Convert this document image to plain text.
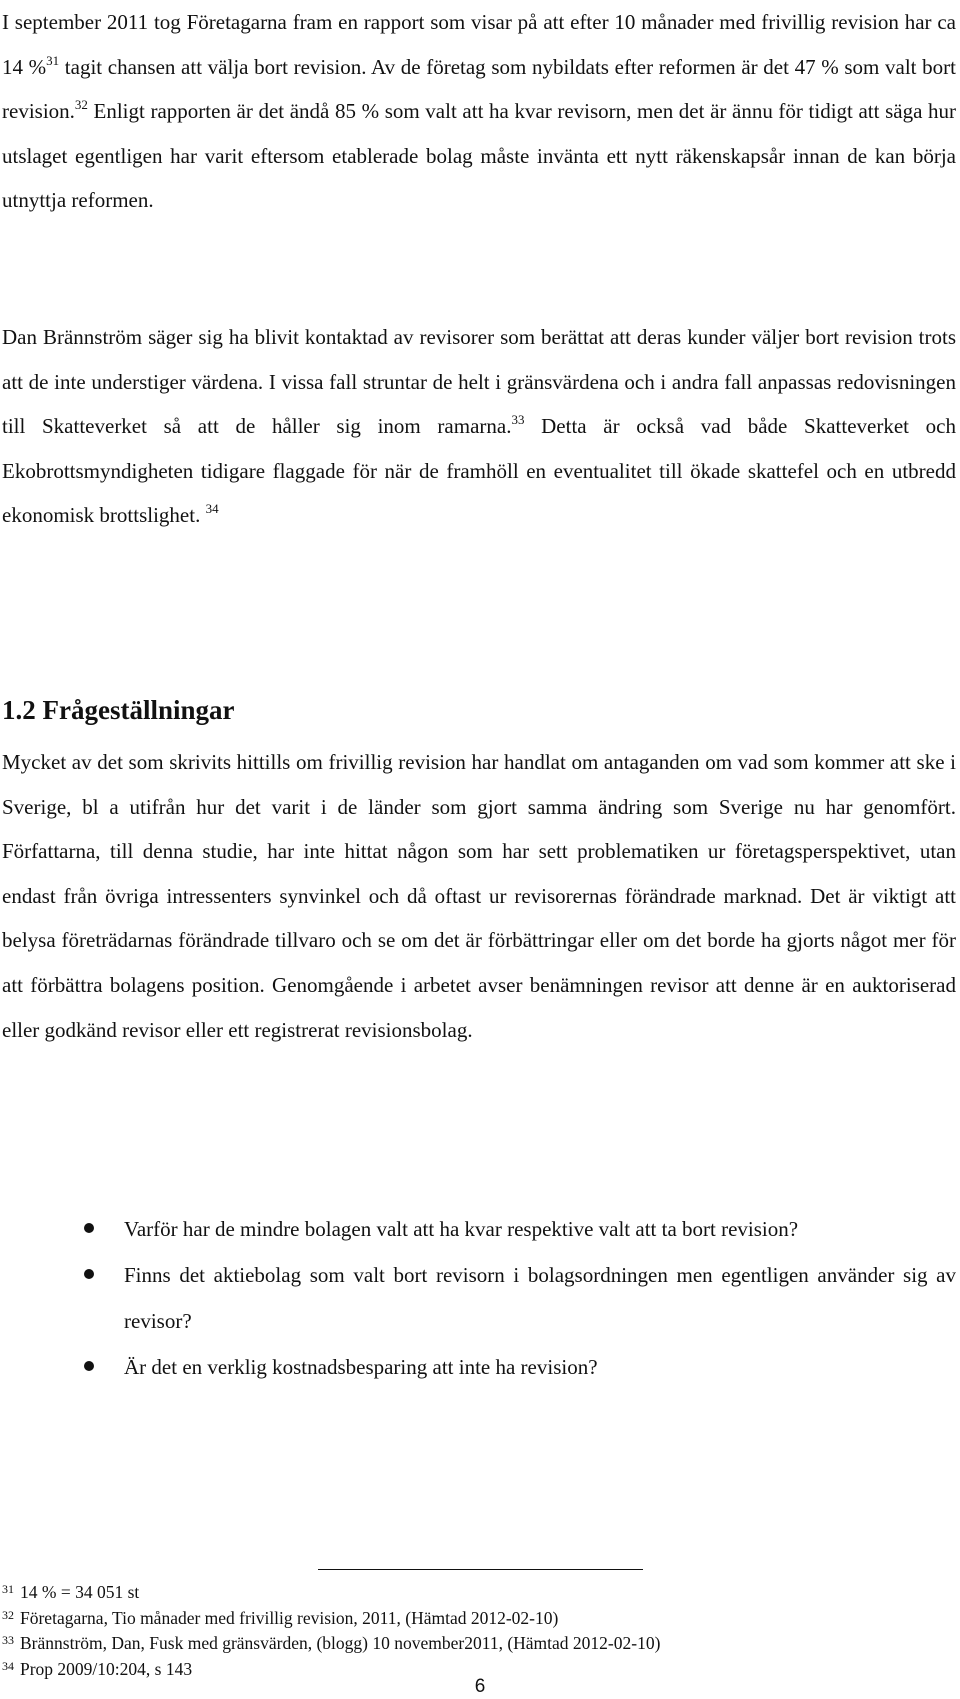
I september 2011 tog Företagarna fram en rapport som visar på att efter 10 månader med frivillig revision har ca 14 %$^{31}$ tagit chansen att välja bort revision. Av de företag som nybildats efter reformen är det 47 % som valt bort revision.$^{32}$ Enligt rapporten är det ändå 85 % som valt att ha kvar revisorn, men det är ännu för tidigt att säga hur utslaget egentligen har varit eftersom etablerade bolag måste invänta ett nytt räkenskapsår innan de kan börja utnyttja reformen.

Dan Brännström säger sig ha blivit kontaktad av revisorer som berättat att deras kunder väljer bort revision trots att de inte understiger värdena. I vissa fall struntar de helt i gränsvärdena och i andra fall anpassas redovisningen till Skatteverket så att de håller sig inom ramarna.$^{33}$ Detta är också vad både Skatteverket och Ekobrottsmyndigheten tidigare flaggade för när de framhöll en eventualitet till ökade skattefel och en utbredd ekonomisk brottslighet. $^{34}$

1.2 Frågeställningar

Mycket av det som skrivits hittills om frivillig revision har handlat om antaganden om vad som kommer att ske i Sverige, bl a utifrån hur det varit i de länder som gjort samma ändring som Sverige nu har genomfört. Författarna, till denna studie, har inte hittat någon som har sett problematiken ur företagsperspektivet, utan endast från övriga intressenters synvinkel och då oftast ur revisorernas förändrade marknad. Det är viktigt att belysa företrädarnas förändrade tillvaro och se om det är förbättringar eller om det borde ha gjorts något mer för att förbättra bolagens position. Genomgående i arbetet avser benämningen revisor att denne är en auktoriserad eller godkänd revisor eller ett registrerat revisionsbolag.

Varför har de mindre bolagen valt att ha kvar respektive valt att ta bort revision?
Finns det aktiebolag som valt bort revisorn i bolagsordningen men egentligen använder sig av revisor?
Är det en verklig kostnadsbesparing att inte ha revision?
$^{31}$ 14 % = 34 051 st
$^{32}$ Företagarna, Tio månader med frivillig revision, 2011, (Hämtad 2012-02-10)
$^{33}$ Brännström, Dan, Fusk med gränsvärden, (blogg) 10 november2011, (Hämtad 2012-02-10)
$^{34}$ Prop 2009/10:204, s 143
6
